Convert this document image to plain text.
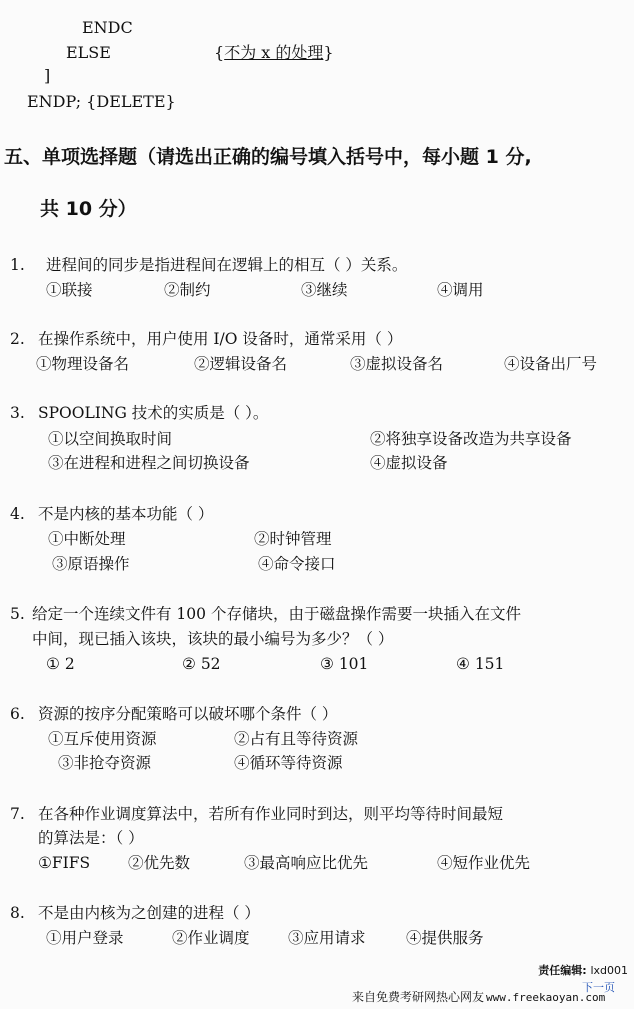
ENDC
ELSE	{不为 x 的处理}
]
ENDP; {DELETE}
五、单项选择题（请选出正确的编号填入括号中，每小题 1 分,
共 10 分）
1. 进程间的同步是指进程间在逻辑上的相互（ ）关系。
①联接	②制约	③继续	④调用
2. 在操作系统中，用户使用 I/O 设备时，通常采用（ ）
①物理设备名	②逻辑设备名	③虚拟设备名	④设备出厂号
3. SPOOLING 技术的实质是（ ）。
①以空间换取时间	②将独享设备改造为共享设备
③在进程和进程之间切换设备	④虚拟设备
4. 不是内核的基本功能（ ）
①中断处理	②时钟管理
③原语操作	④命令接口
5. 给定一个连续文件有 100 个存储块，由于磁盘操作需要一块插入在文件
中间，现已插入该块，该块的最小编号为多少？（ ）
① 2	② 52	③ 101	④ 151
6. 资源的按序分配策略可以破坏哪个条件（ ）
①互斥使用资源	②占有且等待资源
③非抢夺资源	④循环等待资源
7. 在各种作业调度算法中，若所有作业同时到达，则平均等待时间最短
的算法是：（ ）
①FIFS ②优先数	③最高响应比优先	④短作业优先
8. 不是由内核为之创建的进程（ ）
①用户登录	②作业调度 ③应用请求	④提供服务
责任编辑: lxd001
来自免费考研网热心网友 www.freekaoyan.com
下一页
